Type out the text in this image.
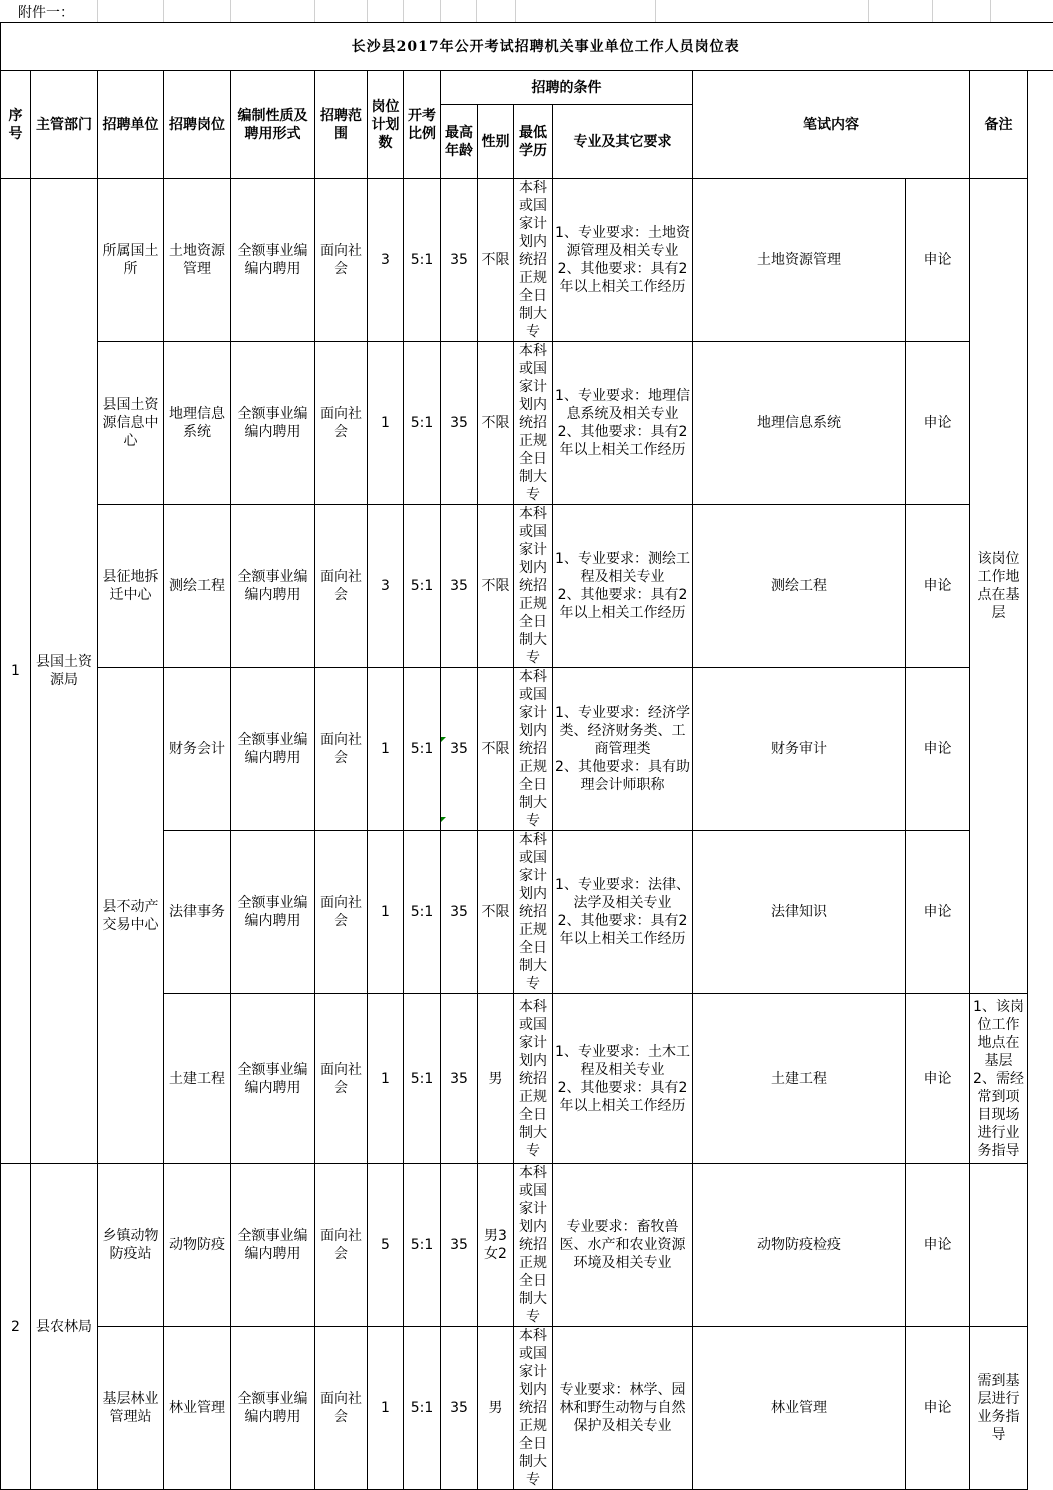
附件一：
长沙县2017年公开考试招聘机关事业单位工作人员岗位表														
序号	主管部门	招聘单位	招聘岗位	编制性质及聘用形式	招聘范围	岗位计划数	开考比例	招聘的条件				笔试内容		备注
								最高年龄	性别	最低学历	专业及其它要求			
1	县国土资源局	所属国土所	土地资源管理	全额事业编编内聘用	面向社会	3	5:1	35	不限	本科或国家计划内统招正规全日制大专	1、专业要求：土地资源管理及相关专业
2、其他要求：具有2年以上相关工作经历	土地资源管理	申论	该岗位工作地点在基层
		县国土资源信息中心	地理信息系统	全额事业编编内聘用	面向社会	1	5:1	35	不限	本科或国家计划内统招正规全日制大专	1、专业要求：地理信息系统及相关专业
2、其他要求：具有2年以上相关工作经历	地理信息系统	申论	
		县征地拆迁中心	测绘工程	全额事业编编内聘用	面向社会	3	5:1	35	不限	本科或国家计划内统招正规全日制大专	1、专业要求：测绘工程及相关专业
2、其他要求：具有2年以上相关工作经历	测绘工程	申论	
		县不动产交易中心	财务会计	全额事业编编内聘用	面向社会	1	5:1	35	不限	本科或国家计划内统招正规全日制大专	1、专业要求：经济学类、经济财务类、工商管理类
2、其他要求：具有助理会计师职称	财务审计	申论	
			法律事务	全额事业编编内聘用	面向社会	1	5:1	35	不限	本科或国家计划内统招正规全日制大专	1、专业要求：法律、法学及相关专业
2、其他要求：具有2年以上相关工作经历	法律知识	申论	
			土建工程	全额事业编编内聘用	面向社会	1	5:1	35	男	本科或国家计划内统招正规全日制大专	1、专业要求：土木工程及相关专业
2、其他要求：具有2年以上相关工作经历	土建工程	申论	1、该岗位工作地点在基层
2、需经常到项目现场进行业务指导
2	县农林局	乡镇动物防疫站	动物防疫	全额事业编编内聘用	面向社会	5	5:1	35	男3女2	本科或国家计划内统招正规全日制大专	专业要求：畜牧兽医、水产和农业资源环境及相关专业	动物防疫检疫	申论	
		基层林业管理站	林业管理	全额事业编编内聘用	面向社会	1	5:1	35	男	本科或国家计划内统招正规全日制大专	专业要求：林学、园林和野生动物与自然保护及相关专业	林业管理	申论	需到基层进行业务指导
